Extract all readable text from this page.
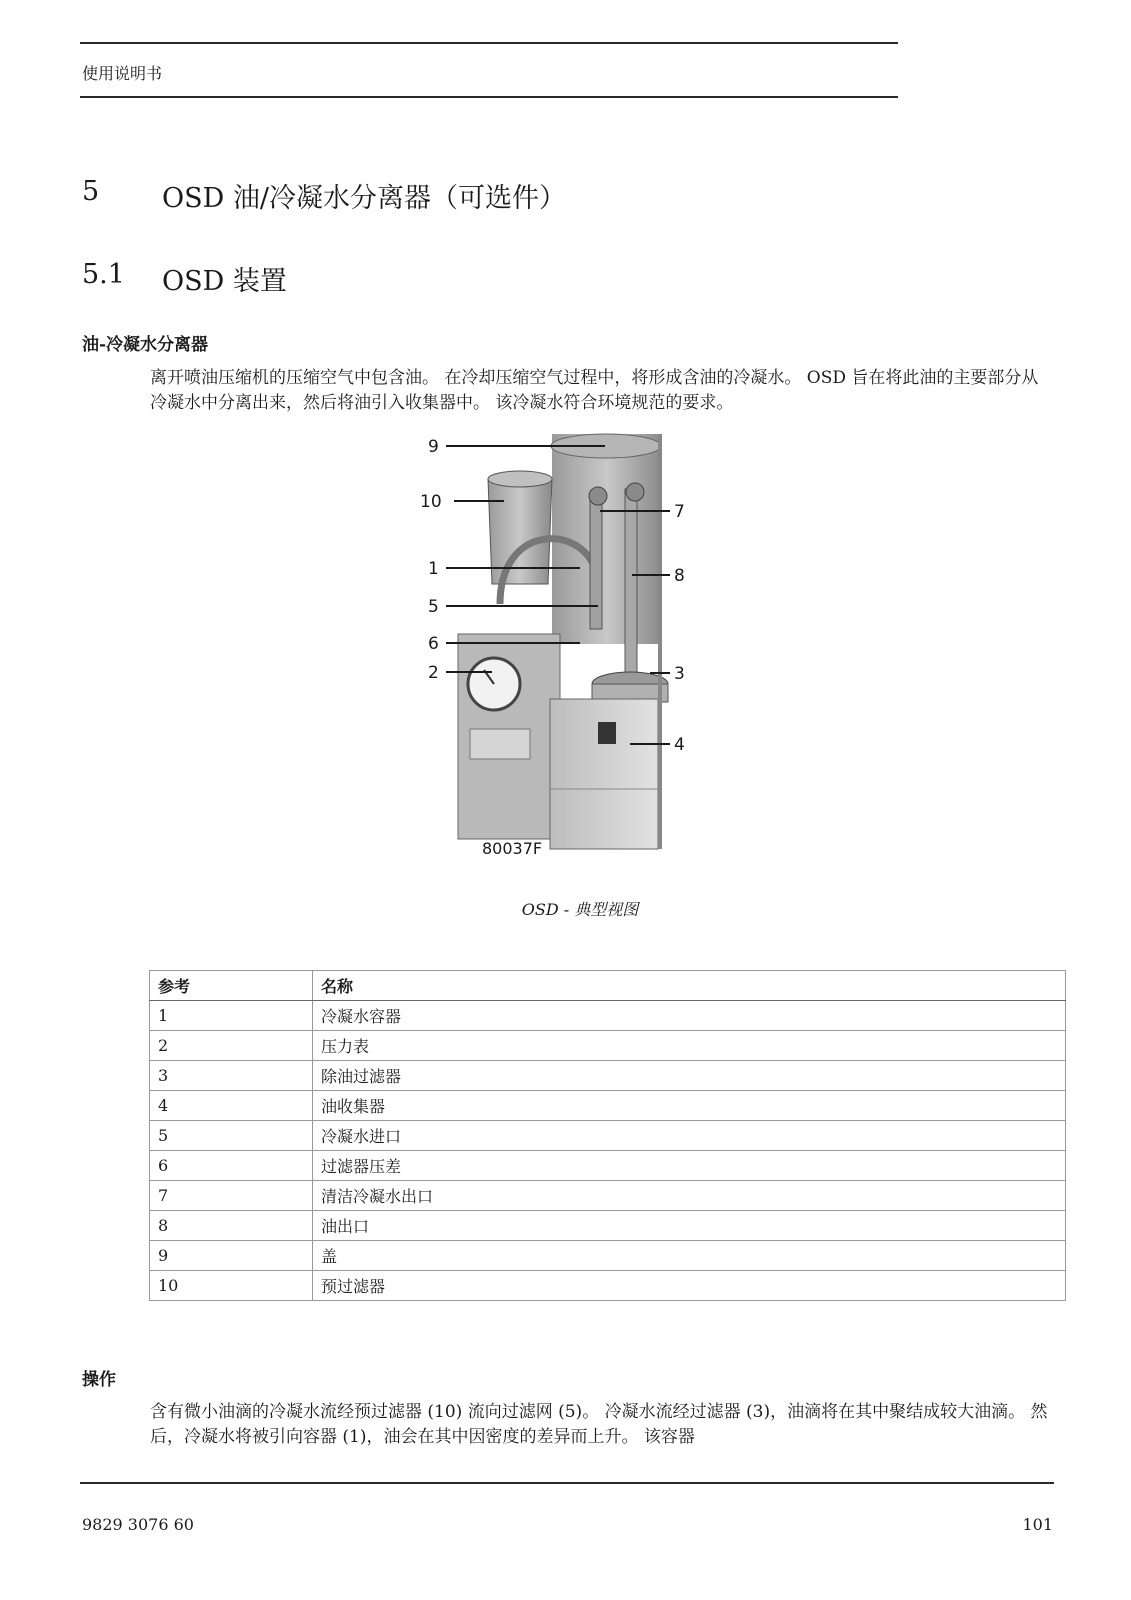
使用说明书
5	OSD 油/冷凝水分离器（可选件）
5.1	OSD 装置
油-冷凝水分离器
离开喷油压缩机的压缩空气中包含油。 在冷却压缩空气过程中，将形成含油的冷凝水。 OSD 旨在将此油的主要部分从冷凝水中分离出来，然后将油引入收集器中。 该冷凝水符合环境规范的要求。
9
10	7
1	8
5
6
2	3
4
80037F
OSD - 典型视图
参考	名称
1	冷凝水容器
2	压力表
3	除油过滤器
4	油收集器
5	冷凝水进口
6	过滤器压差
7	清洁冷凝水出口
8	油出口
9	盖
10	预过滤器
操作
含有微小油滴的冷凝水流经预过滤器 (10) 流向过滤网 (5)。 冷凝水流经过滤器 (3)，油滴将在其中聚结成较大油滴。 然后，冷凝水将被引向容器 (1)，油会在其中因密度的差异而上升。 该容器
9829 3076 60	101
